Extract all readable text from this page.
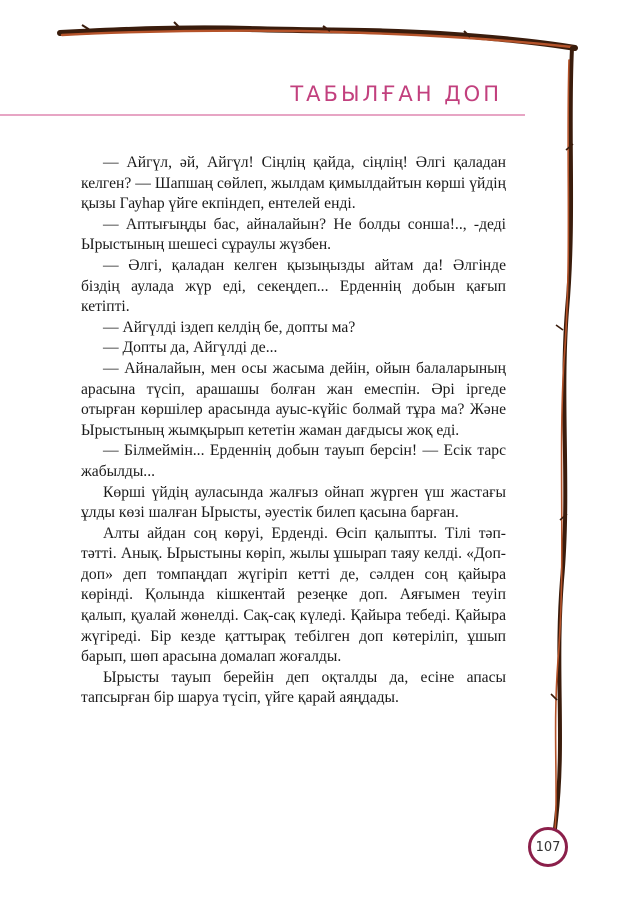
ТАБЫЛҒАН ДОП

— Айгүл, әй, Айгүл! Сіңлің қайда, сіңлің! Әлгі қаладан келген? — Шапшаң сөйлеп, жылдам қимылдайтын көрші үйдің қызы Гауһар үйге екпіндеп, ентелей енді.

— Аптығыңды бас, айналайын? Не болды сонша!.., -деді Ырыстының шешесі сұраулы жүзбен.

— Әлгі, қаладан келген қызыңызды айтам да! Әлгінде біздің аулада жүр еді, секеңдеп... Ерденнің добын қағып кетіпті.

— Айгүлді іздеп келдің бе, допты ма?

— Допты да, Айгүлді де...

— Айналайын, мен осы жасыма дейін, ойын балаларының арасына түсіп, арашашы болған жан емеспін. Әрі іргеде отырған көршілер арасында ауыс-күйіс болмай тұра ма? Және Ырыстының жымқырып кететін жаман дағдысы жоқ еді.

— Білмеймін... Ерденнің добын тауып берсін! — Есік тарс жабылды...

Көрші үйдің ауласында жалғыз ойнап жүрген үш жастағы ұлды көзі шалған Ырысты, әуестік билеп қасына барған.

Алты айдан соң көруі, Ерденді. Өсіп қалыпты. Тілі тәп-тәтті. Анық. Ырыстыны көріп, жылы ұшырап таяу келді. «Доп-доп» деп томпаңдап жүгіріп кетті де, сәлден соң қайыра көрінді. Қолында кішкентай резеңке доп. Аяғымен теуіп қалып, қуалай жөнелді. Сақ-сақ күледі. Қайыра тебеді. Қайыра жүгіреді. Бір кезде қаттырақ тебілген доп көтеріліп, ұшып барып, шөп арасына домалап жоғалды.

Ырысты тауып берейін деп оқталды да, есіне апасы тапсырған бір шаруа түсіп, үйге қарай аяңдады.

107
